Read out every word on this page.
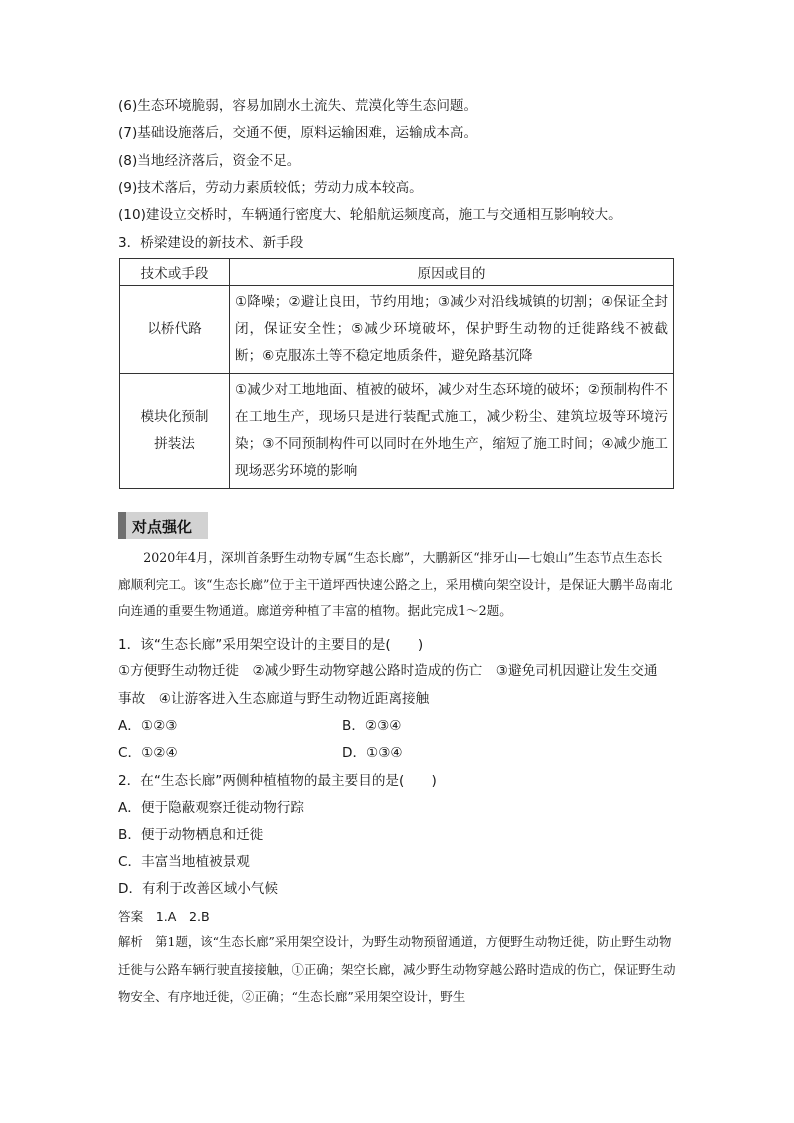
(6)生态环境脆弱，容易加剧水土流失、荒漠化等生态问题。
(7)基础设施落后，交通不便，原料运输困难，运输成本高。
(8)当地经济落后，资金不足。
(9)技术落后，劳动力素质较低；劳动力成本较高。
(10)建设立交桥时，车辆通行密度大、轮船航运频度高，施工与交通相互影响较大。
3．桥梁建设的新技术、新手段
技术或手段	原因或目的
以桥代路	①降噪；②避让良田，节约用地；③减少对沿线城镇的切割；④保证全封闭，保证安全性；⑤减少环境破坏，保护野生动物的迁徙路线不被截断；⑥克服冻土等不稳定地质条件，避免路基沉降
模块化预制拼装法	①减少对工地地面、植被的破坏，减少对生态环境的破坏；②预制构件不在工地生产，现场只是进行装配式施工，减少粉尘、建筑垃圾等环境污染；③不同预制构件可以同时在外地生产，缩短了施工时间；④减少施工现场恶劣环境的影响
对点强化
2020年4月，深圳首条野生动物专属“生态长廊”，大鹏新区“排牙山—七娘山”生态节点生态长廊顺利完工。该“生态长廊”位于主干道坪西快速公路之上，采用横向架空设计，是保证大鹏半岛南北向连通的重要生物通道。廊道旁种植了丰富的植物。据此完成1～2题。
1．该“生态长廊”采用架空设计的主要目的是(　　)
①方便野生动物迁徙　②减少野生动物穿越公路时造成的伤亡　③避免司机因避让发生交通
事故　④让游客进入生态廊道与野生动物近距离接触
A．①②③	B．②③④
C．①②④	D．①③④
2．在“生态长廊”两侧种植植物的最主要目的是(　　)
A．便于隐蔽观察迁徙动物行踪
B．便于动物栖息和迁徙
C．丰富当地植被景观
D．有利于改善区域小气候
答案　1.A　2.B
解析　第1题，该“生态长廊”采用架空设计，为野生动物预留通道，方便野生动物迁徙，防止野生动物迁徙与公路车辆行驶直接接触，①正确；架空长廊，减少野生动物穿越公路时造成的伤亡，保证野生动物安全、有序地迁徙，②正确；“生态长廊”采用架空设计，野生
